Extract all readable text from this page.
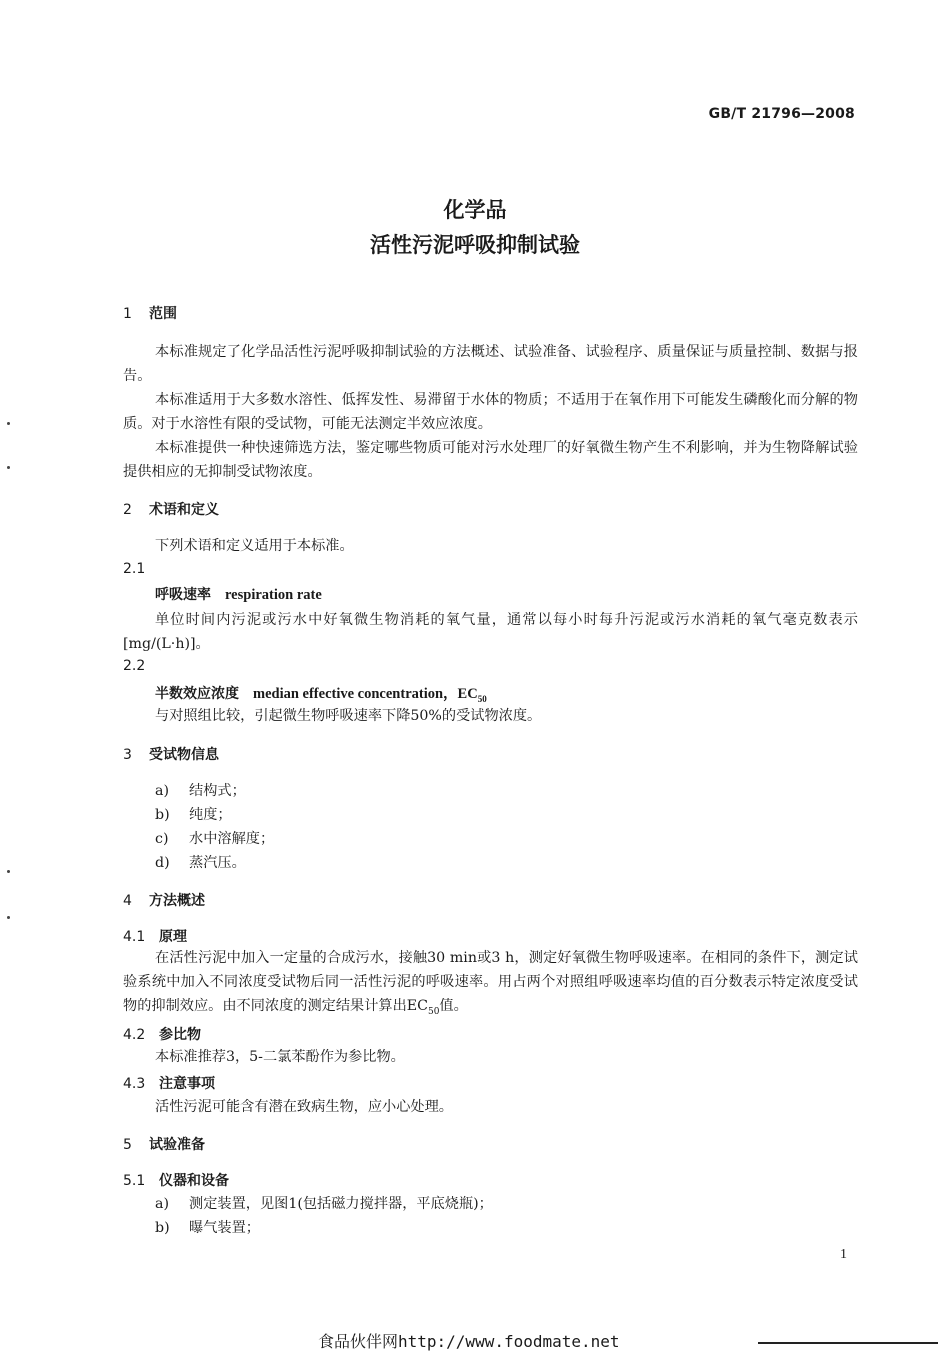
GB/T 21796—2008
化学品
活性污泥呼吸抑制试验
1 范围
本标准规定了化学品活性污泥呼吸抑制试验的方法概述、试验准备、试验程序、质量保证与质量控制、数据与报告。
本标准适用于大多数水溶性、低挥发性、易滞留于水体的物质；不适用于在氧作用下可能发生磷酸化而分解的物质。对于水溶性有限的受试物，可能无法测定半效应浓度。
本标准提供一种快速筛选方法，鉴定哪些物质可能对污水处理厂的好氧微生物产生不利影响，并为生物降解试验提供相应的无抑制受试物浓度。
2 术语和定义
下列术语和定义适用于本标准。
2.1
呼吸速率 respiration rate
单位时间内污泥或污水中好氧微生物消耗的氧气量，通常以每小时每升污泥或污水消耗的氧气毫克数表示[mg/(L·h)]。
2.2
半数效应浓度 median effective concentration，$EC_{50}$
与对照组比较，引起微生物呼吸速率下降50%的受试物浓度。
3 受试物信息
a) 结构式；
b) 纯度；
c) 水中溶解度；
d) 蒸汽压。
4 方法概述
4.1 原理
在活性污泥中加入一定量的合成污水，接触30 min或3 h，测定好氧微生物呼吸速率。在相同的条件下，测定试验系统中加入不同浓度受试物后同一活性污泥的呼吸速率。用占两个对照组呼吸速率均值的百分数表示特定浓度受试物的抑制效应。由不同浓度的测定结果计算出$EC_{50}$值。
4.2 参比物
本标准推荐3，5-二氯苯酚作为参比物。
4.3 注意事项
活性污泥可能含有潜在致病生物，应小心处理。
5 试验准备
5.1 仪器和设备
a) 测定装置，见图1(包括磁力搅拌器，平底烧瓶)；
b) 曝气装置；
1
食品伙伴网http://www.foodmate.net
